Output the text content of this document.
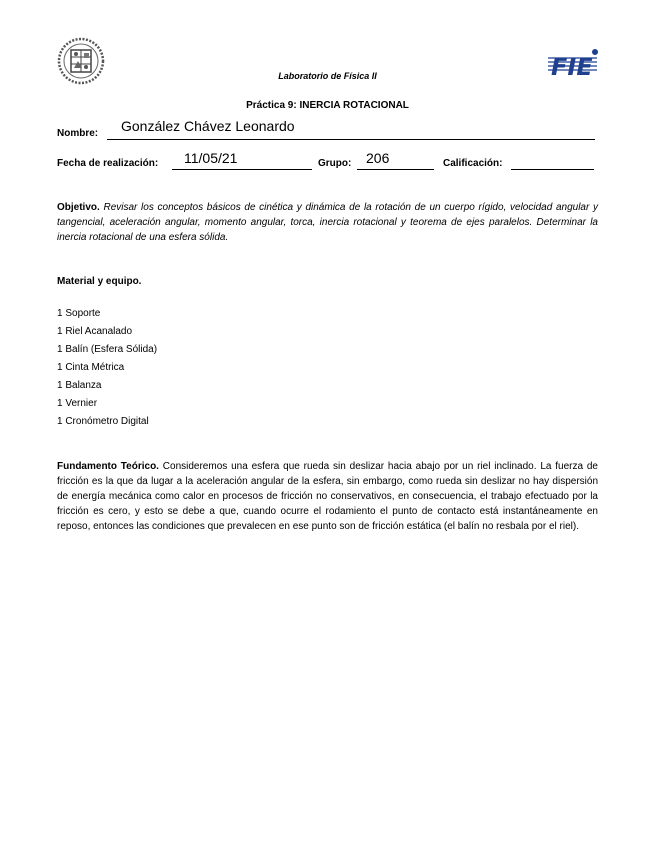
FIE
Laboratorio de Física II
Práctica 9: INERCIA ROTACIONAL
Nombre: González Chávez Leonardo
Fecha de realización: 11/05/21	Grupo: 206	Calificación:
Objetivo. Revisar los conceptos básicos de cinética y dinámica de la rotación de un cuerpo rígido, velocidad angular y tangencial, aceleración angular, momento angular, torca, inercia rotacional y teorema de ejes paralelos. Determinar la inercia rotacional de una esfera sólida.
Material y equipo.
1 Soporte
1 Riel Acanalado
1 Balín (Esfera Sólida)
1 Cinta Métrica
1 Balanza
1 Vernier
1 Cronómetro Digital
Fundamento Teórico. Consideremos una esfera que rueda sin deslizar hacia abajo por un riel inclinado. La fuerza de fricción es la que da lugar a la aceleración angular de la esfera, sin embargo, como rueda sin deslizar no hay dispersión de energía mecánica como calor en procesos de fricción no conservativos, en consecuencia, el trabajo efectuado por la fricción es cero, y esto se debe a que, cuando ocurre el rodamiento el punto de contacto está instantáneamente en reposo, entonces las condiciones que prevalecen en ese punto son de fricción estática (el balín no resbala por el riel).
